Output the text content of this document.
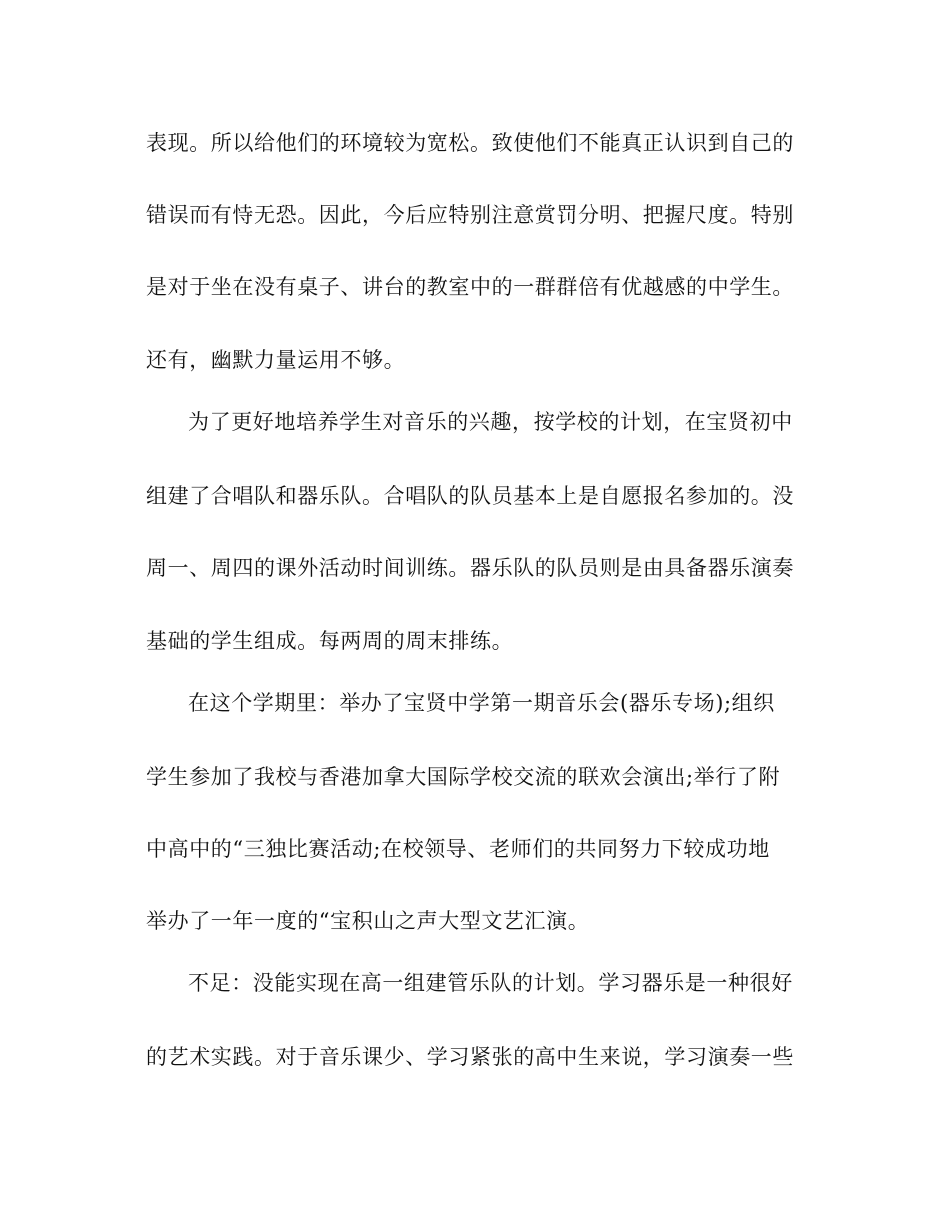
表现。所以给他们的环境较为宽松。致使他们不能真正认识到自己的
错误而有恃无恐。因此，今后应特别注意赏罚分明、把握尺度。特别
是对于坐在没有桌子、讲台的教室中的一群群倍有优越感的中学生。
还有，幽默力量运用不够。
为了更好地培养学生对音乐的兴趣，按学校的计划，在宝贤初中
组建了合唱队和器乐队。合唱队的队员基本上是自愿报名参加的。没
周一、周四的课外活动时间训练。器乐队的队员则是由具备器乐演奏
基础的学生组成。每两周的周末排练。
在这个学期里：举办了宝贤中学第一期音乐会(器乐专场);组织
学生参加了我校与香港加拿大国际学校交流的联欢会演出;举行了附
中高中的“三独比赛活动;在校领导、老师们的共同努力下较成功地
举办了一年一度的“宝积山之声大型文艺汇演。
不足：没能实现在高一组建管乐队的计划。学习器乐是一种很好
的艺术实践。对于音乐课少、学习紧张的高中生来说，学习演奏一些
